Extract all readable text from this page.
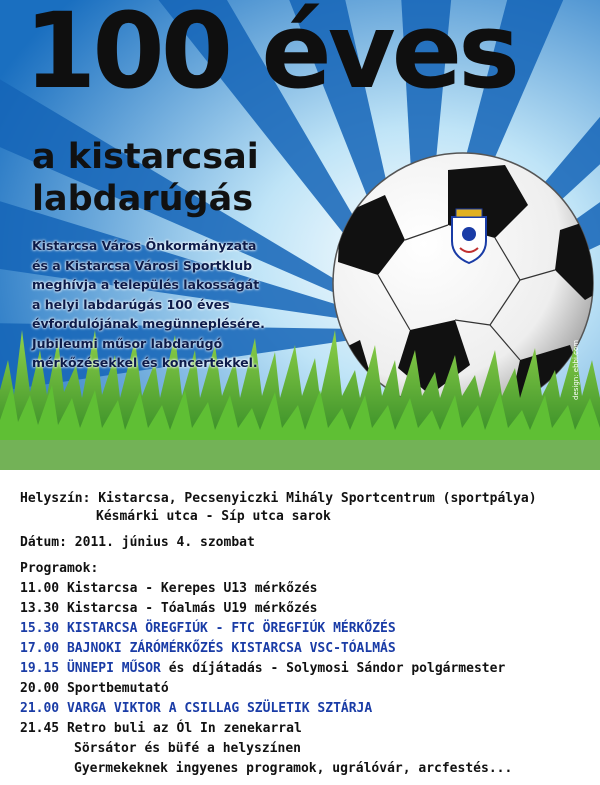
100 éves
a kistarcsai
labdarúgás
Kistarcsa Város Önkormányzata
és a Kistarcsa Városi Sportklub
meghívja a település lakosságát
a helyi labdarúgás 100 éves
évfordulójának megünneplésére.
Jubileumi műsor labdarúgó
mérkőzésekkel és koncertekkel.	design: ebbi.com
Helyszín: Kistarcsa, Pecsenyiczki Mihály Sportcentrum (sportpálya)
Késmárki utca - Síp utca sarok
Dátum: 2011. június 4. szombat
Programok:
11.00 Kistarcsa - Kerepes U13 mérkőzés
13.30 Kistarcsa - Tóalmás U19 mérkőzés
15.30 KISTARCSA ÖREGFIÚK - FTC ÖREGFIÚK MÉRKŐZÉS
17.00 BAJNOKI ZÁRÓMÉRKŐZÉS KISTARCSA VSC-TÓALMÁS
19.15 ÜNNEPI MŰSOR és díjátadás - Solymosi Sándor polgármester
20.00 Sportbemutató
21.00 VARGA VIKTOR A CSILLAG SZÜLETIK SZTÁRJA
21.45 Retro buli az Ól In zenekarral
Sörsátor és büfé a helyszínen
Gyermekeknek ingyenes programok, ugrálóvár, arcfestés...
